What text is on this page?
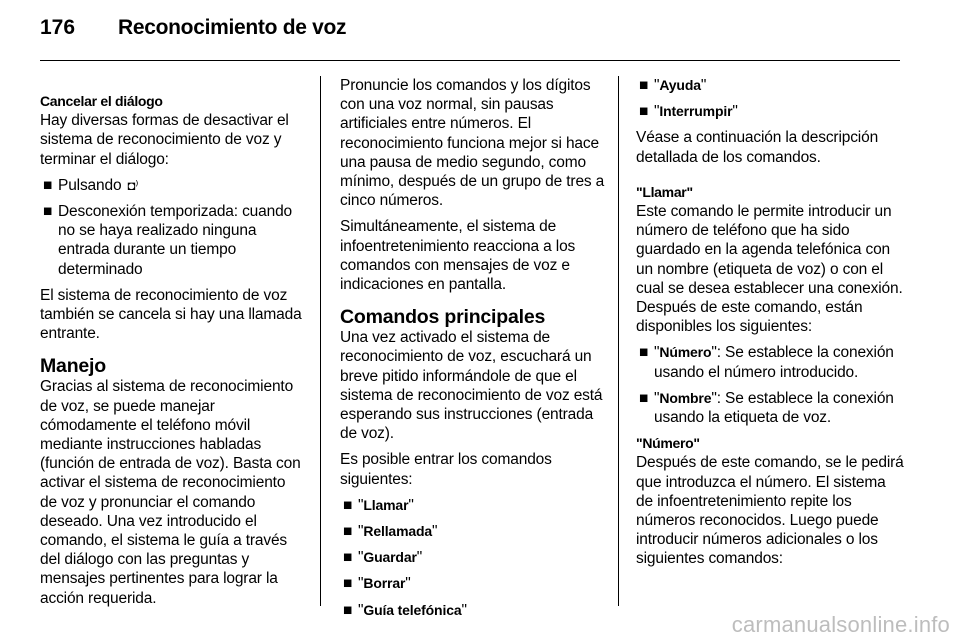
176 Reconocimiento de voz

Cancelar el diálogo

Hay diversas formas de desactivar el sistema de reconocimiento de voz y terminar el diálogo:

■ Pulsando ◘⁾
■ Desconexión temporizada: cuando no se haya realizado ninguna entrada durante un tiempo determinado

El sistema de reconocimiento de voz también se cancela si hay una llamada entrante.

Manejo

Gracias al sistema de reconocimiento de voz, se puede manejar cómodamente el teléfono móvil mediante instrucciones habladas (función de entrada de voz). Basta con activar el sistema de reconocimiento de voz y pronunciar el comando deseado. Una vez introducido el comando, el sistema le guía a través del diálogo con las preguntas y mensajes pertinentes para lograr la acción requerida.

Pronuncie los comandos y los dígitos con una voz normal, sin pausas artificiales entre números. El reconocimiento funciona mejor si hace una pausa de medio segundo, como mínimo, después de un grupo de tres a cinco números.

Simultáneamente, el sistema de infoentretenimiento reacciona a los comandos con mensajes de voz e indicaciones en pantalla.

Comandos principales

Una vez activado el sistema de reconocimiento de voz, escuchará un breve pitido informándole de que el sistema de reconocimiento de voz está esperando sus instrucciones (entrada de voz).

Es posible entrar los comandos siguientes:

■ "Llamar"
■ "Rellamada"
■ "Guardar"
■ "Borrar"
■ "Guía telefónica"
■ "Ayuda"
■ "Interrumpir"

Véase a continuación la descripción detallada de los comandos.

"Llamar"

Este comando le permite introducir un número de teléfono que ha sido guardado en la agenda telefónica con un nombre (etiqueta de voz) o con el cual se desea establecer una conexión. Después de este comando, están disponibles los siguientes:

■ "Número": Se establece la conexión usando el número introducido.
■ "Nombre": Se establece la conexión usando la etiqueta de voz.

"Número"

Después de este comando, se le pedirá que introduzca el número. El sistema de infoentretenimiento repite los números reconocidos. Luego puede introducir números adicionales o los siguientes comandos:

carmanualsonline.info
